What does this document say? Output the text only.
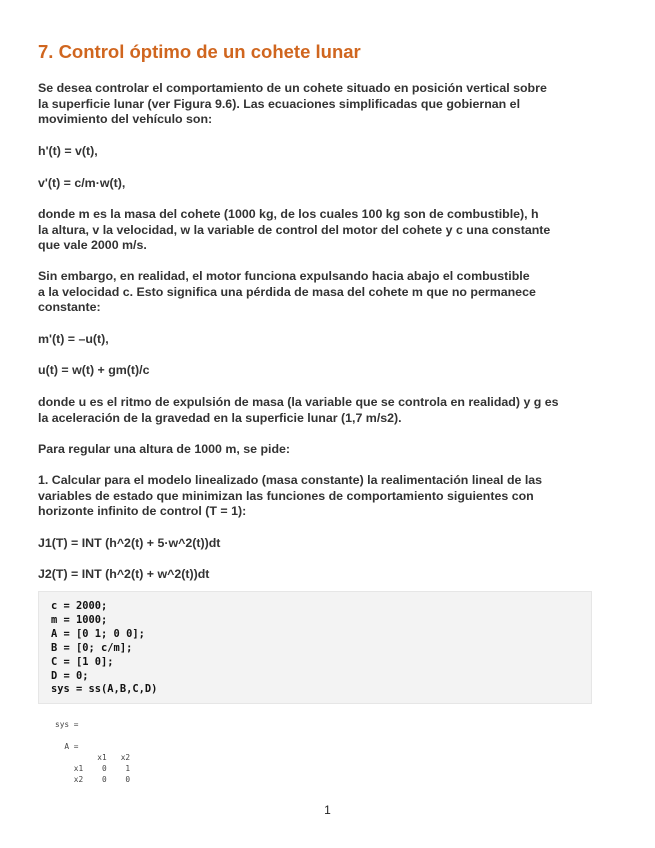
7. Control óptimo de un cohete lunar

Se desea controlar el comportamiento de un cohete situado en posición vertical sobre
la superficie lunar (ver Figura 9.6). Las ecuaciones simplificadas que gobiernan el
movimiento del vehículo son:

h'(t) = v(t),

v'(t) = c/m·w(t),

donde m es la masa del cohete (1000 kg, de los cuales 100 kg son de combustible), h
la altura, v la velocidad, w la variable de control del motor del cohete y c una constante
que vale 2000 m/s.

Sin embargo, en realidad, el motor funciona expulsando hacia abajo el combustible
a la velocidad c. Esto significa una pérdida de masa del cohete m que no permanece
constante:

m'(t) = –u(t),

u(t) = w(t) + gm(t)/c

donde u es el ritmo de expulsión de masa (la variable que se controla en realidad) y g es
la aceleración de la gravedad en la superficie lunar (1,7 m/s2).

Para regular una altura de 1000 m, se pide:

1. Calcular para el modelo linealizado (masa constante) la realimentación lineal de las
variables de estado que minimizan las funciones de comportamiento siguientes con
horizonte infinito de control (T = 1):

J1(T) = INT (h^2(t) + 5·w^2(t))dt

J2(T) = INT (h^2(t) + w^2(t))dt

c = 2000;
m = 1000;
A = [0 1; 0 0];
B = [0; c/m];
C = [1 0];
D = 0;
sys = ss(A,B,C,D)
sys =
A =
x1   x2
x1    0    1
x2    0    0
1
